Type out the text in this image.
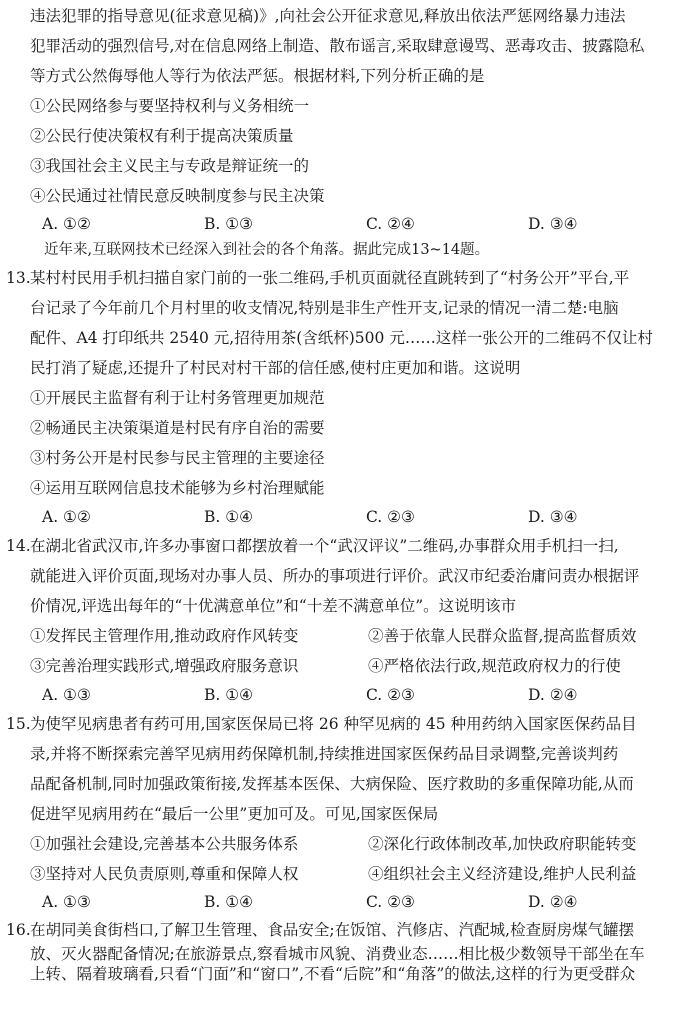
违法犯罪的指导意见(征求意见稿)》,向社会公开征求意见,释放出依法严惩网络暴力违法
犯罪活动的强烈信号,对在信息网络上制造、散布谣言,采取肆意谩骂、恶毒攻击、披露隐私
等方式公然侮辱他人等行为依法严惩。根据材料,下列分析正确的是
①公民网络参与要坚持权利与义务相统一
②公民行使决策权有利于提高决策质量
③我国社会主义民主与专政是辩证统一的
④公民通过社情民意反映制度参与民主决策
A. ①②	B. ①③	C. ②④	D. ③④
近年来,互联网技术已经深入到社会的各个角落。据此完成13~14题。
13. 某村村民用手机扫描自家门前的一张二维码,手机页面就径直跳转到了“村务公开”平台,平
台记录了今年前几个月村里的收支情况,特别是非生产性开支,记录的情况一清二楚:电脑
配件、A4 打印纸共 2540 元,招待用茶(含纸杯)500 元……这样一张公开的二维码不仅让村
民打消了疑虑,还提升了村民对村干部的信任感,使村庄更加和谐。这说明
①开展民主监督有利于让村务管理更加规范
②畅通民主决策渠道是村民有序自治的需要
③村务公开是村民参与民主管理的主要途径
④运用互联网信息技术能够为乡村治理赋能
A. ①②	B. ①④	C. ②③	D. ③④
14. 在湖北省武汉市,许多办事窗口都摆放着一个“武汉评议”二维码,办事群众用手机扫一扫,
就能进入评价页面,现场对办事人员、所办的事项进行评价。武汉市纪委治庸问责办根据评
价情况,评选出每年的“十优满意单位”和“十差不满意单位”。这说明该市
①发挥民主管理作用,推动政府作风转变	②善于依靠人民群众监督,提高监督质效
③完善治理实践形式,增强政府服务意识	④严格依法行政,规范政府权力的行使
A. ①③	B. ①④	C. ②③	D. ②④
15. 为使罕见病患者有药可用,国家医保局已将 26 种罕见病的 45 种用药纳入国家医保药品目
录,并将不断探索完善罕见病用药保障机制,持续推进国家医保药品目录调整,完善谈判药
品配备机制,同时加强政策衔接,发挥基本医保、大病保险、医疗救助的多重保障功能,从而
促进罕见病用药在“最后一公里”更加可及。可见,国家医保局
①加强社会建设,完善基本公共服务体系	②深化行政体制改革,加快政府职能转变
③坚持对人民负责原则,尊重和保障人权	④组织社会主义经济建设,维护人民利益
A. ①③	B. ①④	C. ②③	D. ②④
16. 在胡同美食街档口,了解卫生管理、食品安全;在饭馆、汽修店、汽配城,检查厨房煤气罐摆
放、灭火器配备情况;在旅游景点,察看城市风貌、消费业态……相比极少数领导干部坐在车
上转、隔着玻璃看,只看“门面”和“窗口”,不看“后院”和“角落”的做法,这样的行为更受群众
